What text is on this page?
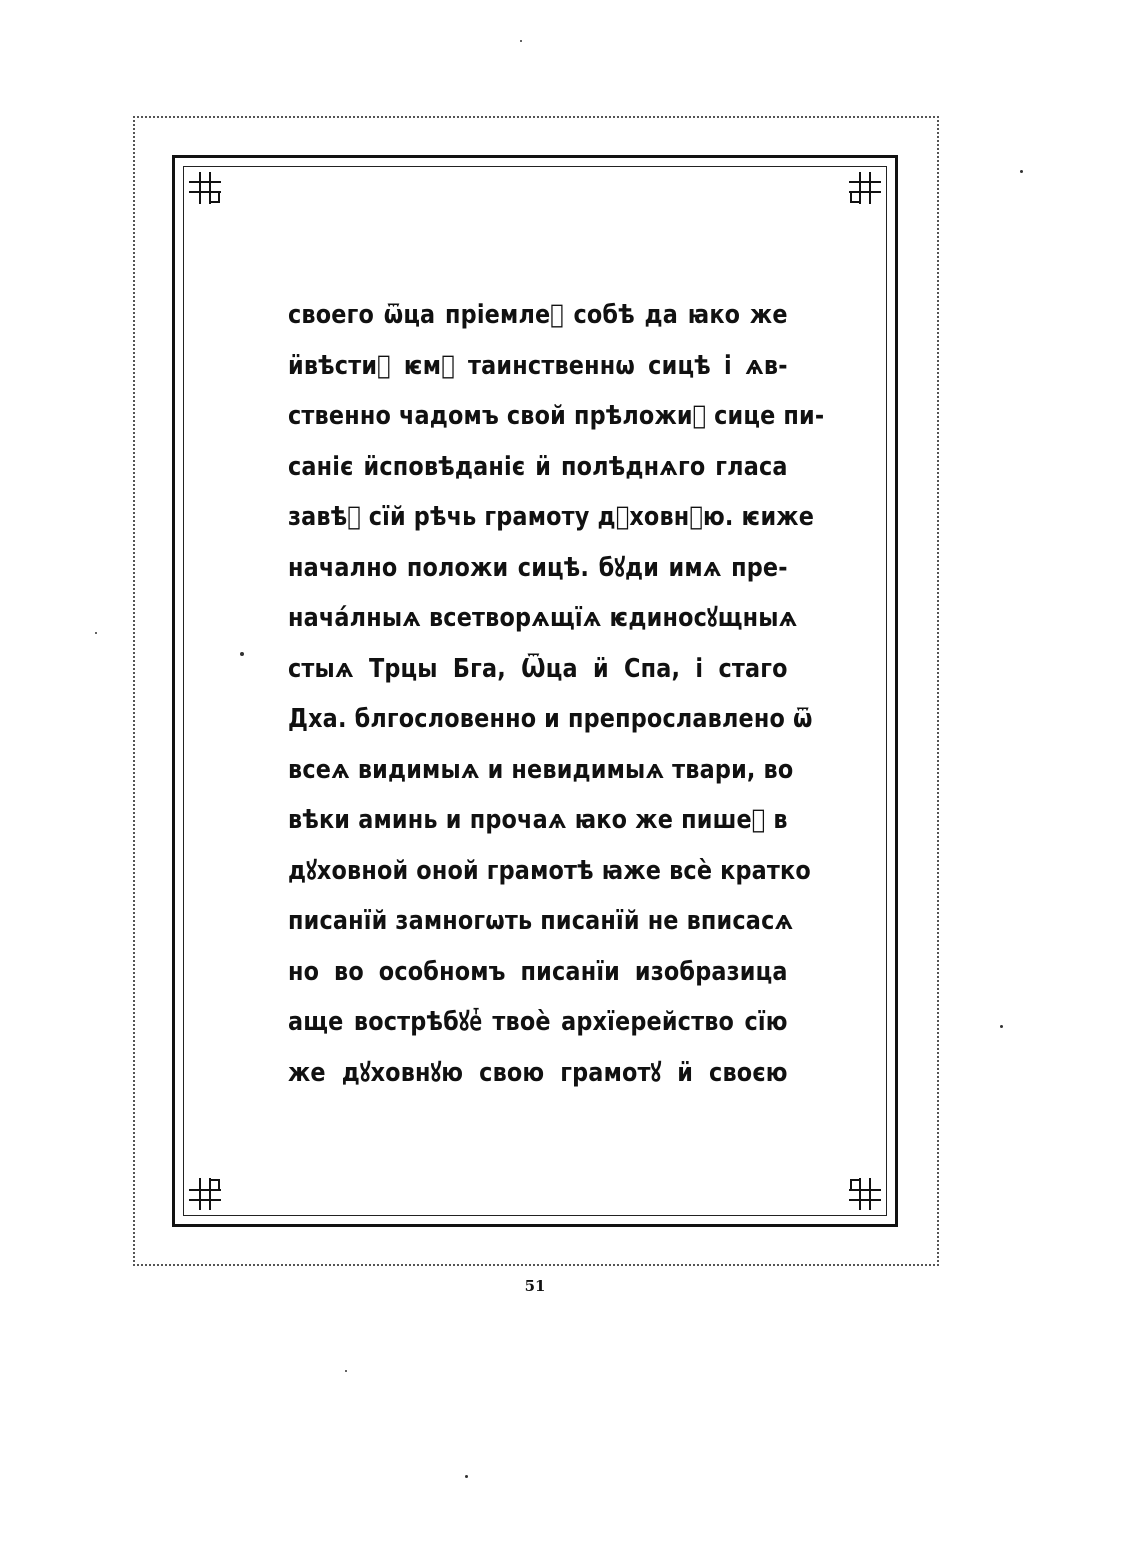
своего ѿца пріемлеⷮ собѣ да ꙗко же
ӥвѣстиⷮ ѥмꙋ таинственнѡ сицѣ і ѧв-
ственно чадомъ свой прѣложиⷮ сице пи-
саніє ӥсповѣданіє ӥ полѣднѧго гласа
завѣⷮ сїй рѣчь грамоту дꙋховнꙋю. ѥиже
начално положи сицѣ. бꙋди имѧ пре-
нача́лныѧ всетворѧщїѧ ѥдиносꙋщныѧ
стыѧ Трцы Бга, Ѿца ӥ Спа, і стаго
Дха. блгословенно и препрославлено ѿ
всеѧ видимыѧ и невидимыѧ твари, во
вѣки аминь и прочаѧ ꙗко же пишеⷮ в
дꙋховной оной грамотѣ ꙗже всѐ кратко
писанїй замногѡть писанїй не вписасѧ
но во особномъ писанїи изобразица
аще вострѣбꙋеⷮ твоѐ архїерейство сїю
же дꙋховнꙋю свою грамотꙋ ӥ своєю
51
